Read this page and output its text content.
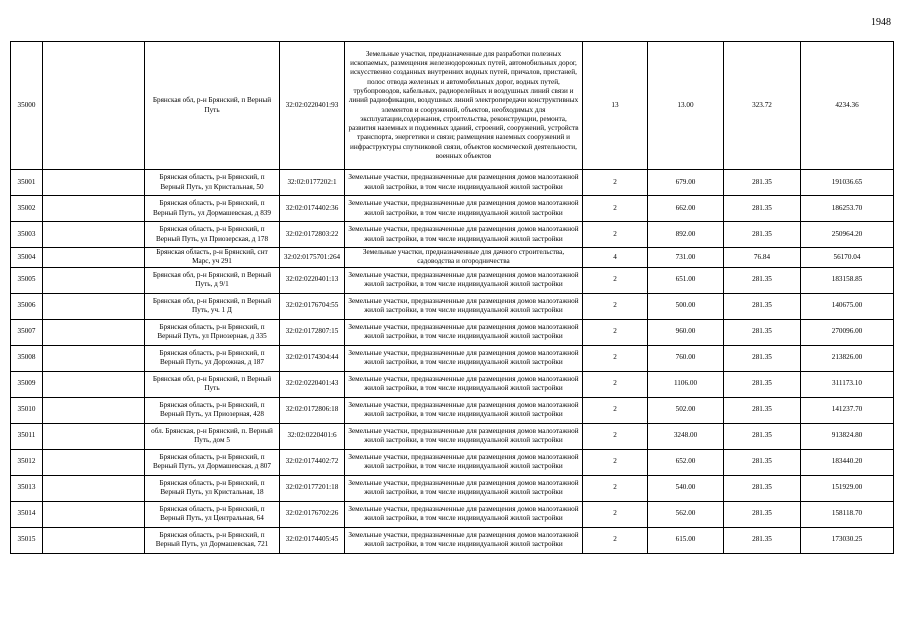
1948
35000		Брянская обл, р-н Брянский, п Верный Путь	32:02:0220401:93	Земельные участки, предназначенные для разработки полезных ископаемых, размещения железнодорожных путей, автомобильных дорог, искусственно созданных внутренних водных путей, причалов, пристаней, полос отвода железных и автомобильных дорог, водных путей, трубопроводов, кабельных, радиорелейных и воздушных линий связи и линий радиофикации, воздушных линий электропередачи конструктивных элементов и сооружений, объектов, необходимых для эксплуатации,содержания, строительства, реконструкции, ремонта, развития наземных и подземных зданий, строений, сооружений, устройств транспорта, энергетики и связи; размещения наземных сооружений и инфраструктуры спутниковой связи, объектов космической деятельности, военных объектов	13	13.00	323.72	4234.36
35001		Брянская область, р-н Брянский, п Верный Путь, ул Кристальная, 50	32:02:0177202:1	Земельные участки, предназначенные для размещения домов малоэтажной жилой застройки, в том числе индивидуальной жилой застройки	2	679.00	281.35	191036.65
35002		Брянская область, р-н Брянский, п Верный Путь, ул Дормашевская, д 839	32:02:0174402:36	Земельные участки, предназначенные для размещения домов малоэтажной жилой застройки, в том числе индивидуальной жилой застройки	2	662.00	281.35	186253.70
35003		Брянская область, р-н Брянский, п Верный Путь, ул Приозерская, д 178	32:02:0172803:22	Земельные участки, предназначенные для размещения домов малоэтажной жилой застройки, в том числе индивидуальной жилой застройки	2	892.00	281.35	250964.20
35004		Брянская область, р-н Брянский, снт Марс, уч 291	32:02:0175701:264	Земельные участки, предназначенные для дачного строительства, садоводства и огородничества	4	731.00	76.84	56170.04
35005		Брянская обл, р-н Брянский, п Верный Путь, д 9/1	32:02:0220401:13	Земельные участки, предназначенные для размещения домов малоэтажной жилой застройки, в том числе индивидуальной жилой застройки	2	651.00	281.35	183158.85
35006		Брянская обл, р-н Брянский, п Верный Путь, уч. 1 Д	32:02:0176704:55	Земельные участки, предназначенные для размещения домов малоэтажной жилой застройки, в том числе индивидуальной жилой застройки	2	500.00	281.35	140675.00
35007		Брянская область, р-н Брянский, п Верный Путь, ул Приозерная, д 335	32:02:0172807:15	Земельные участки, предназначенные для размещения домов малоэтажной жилой застройки, в том числе индивидуальной жилой застройки	2	960.00	281.35	270096.00
35008		Брянская область, р-н Брянский, п Верный Путь, ул Дорожная, д 187	32:02:0174304:44	Земельные участки, предназначенные для размещения домов малоэтажной жилой застройки, в том числе индивидуальной жилой застройки	2	760.00	281.35	213826.00
35009		Брянская обл, р-н Брянский, п Верный Путь	32:02:0220401:43	Земельные участки, предназначенные для размещения домов малоэтажной жилой застройки, в том числе индивидуальной жилой застройки	2	1106.00	281.35	311173.10
35010		Брянская область, р-н Брянский, п Верный Путь, ул Приозерная, 428	32:02:0172806:18	Земельные участки, предназначенные для размещения домов малоэтажной жилой застройки, в том числе индивидуальной жилой застройки	2	502.00	281.35	141237.70
35011		обл. Брянская, р-н Брянский, п. Верный Путь, дом 5	32:02:0220401:6	Земельные участки, предназначенные для размещения домов малоэтажной жилой застройки, в том числе индивидуальной жилой застройки	2	3248.00	281.35	913824.80
35012		Брянская область, р-н Брянский, п Верный Путь, ул Дормашевская, д 807	32:02:0174402:72	Земельные участки, предназначенные для размещения домов малоэтажной жилой застройки, в том числе индивидуальной жилой застройки	2	652.00	281.35	183440.20
35013		Брянская область, р-н Брянский, п Верный Путь, ул Кристальная, 18	32:02:0177201:18	Земельные участки, предназначенные для размещения домов малоэтажной жилой застройки, в том числе индивидуальной жилой застройки	2	540.00	281.35	151929.00
35014		Брянская область, р-н Брянский, п Верный Путь, ул Центральная, 64	32:02:0176702:26	Земельные участки, предназначенные для размещения домов малоэтажной жилой застройки, в том числе индивидуальной жилой застройки	2	562.00	281.35	158118.70
35015		Брянская область, р-н Брянский, п Верный Путь, ул Дормашевская, 721	32:02:0174405:45	Земельные участки, предназначенные для размещения домов малоэтажной жилой застройки, в том числе индивидуальной жилой застройки	2	615.00	281.35	173030.25
